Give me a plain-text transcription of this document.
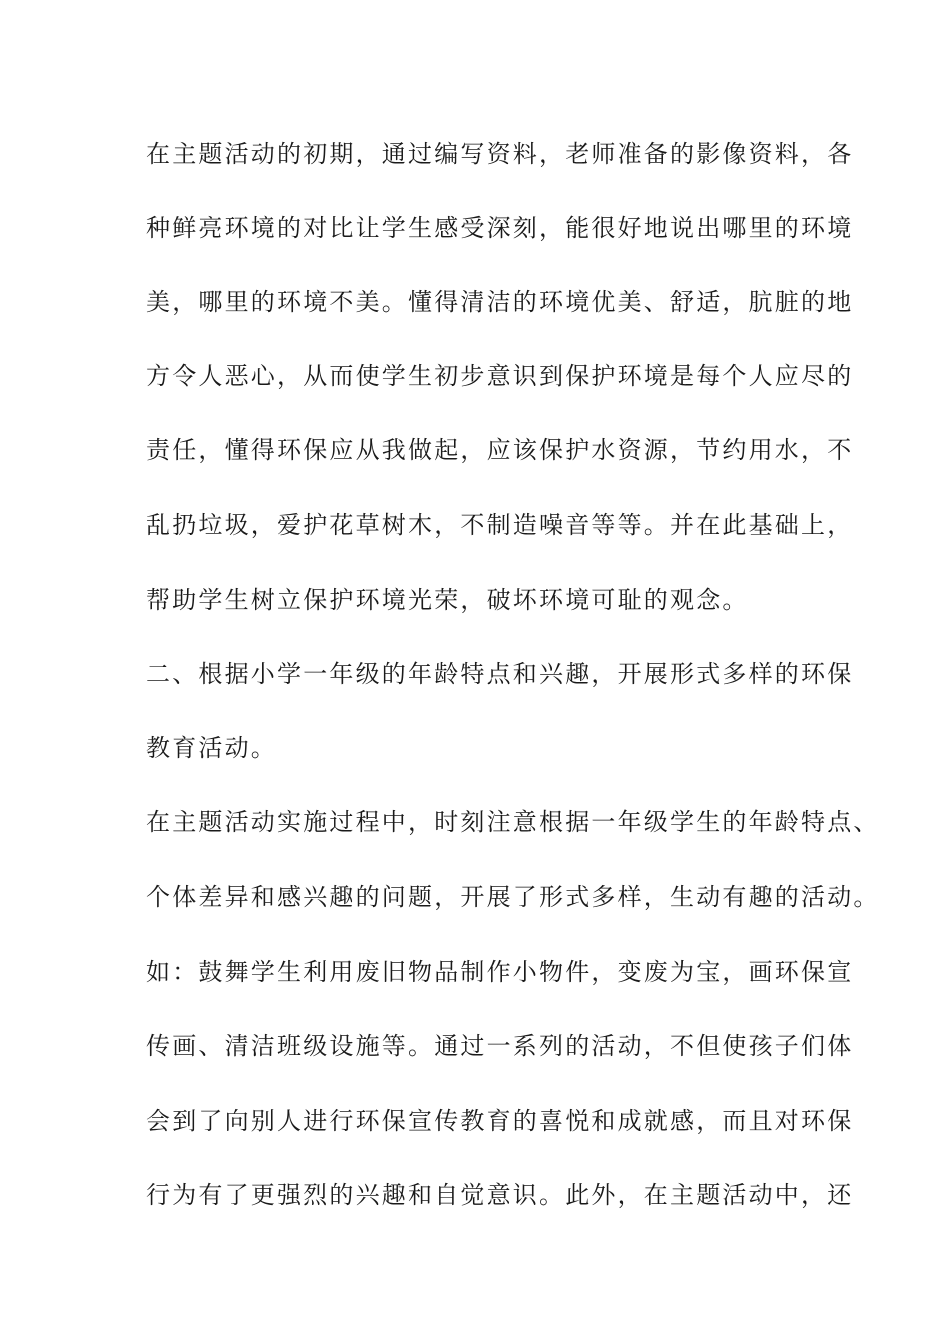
在主题活动的初期，通过编写资料，老师准备的影像资料，各
种鲜亮环境的对比让学生感受深刻，能很好地说出哪里的环境
美，哪里的环境不美。懂得清洁的环境优美、舒适，肮脏的地
方令人恶心，从而使学生初步意识到保护环境是每个人应尽的
责任，懂得环保应从我做起，应该保护水资源，节约用水，不
乱扔垃圾，爱护花草树木，不制造噪音等等。并在此基础上，
帮助学生树立保护环境光荣，破坏环境可耻的观念。
二、根据小学一年级的年龄特点和兴趣，开展形式多样的环保
教育活动。
在主题活动实施过程中，时刻注意根据一年级学生的年龄特点、
个体差异和感兴趣的问题，开展了形式多样，生动有趣的活动。
如：鼓舞学生利用废旧物品制作小物件，变废为宝，画环保宣
传画、清洁班级设施等。通过一系列的活动，不但使孩子们体
会到了向别人进行环保宣传教育的喜悦和成就感，而且对环保
行为有了更强烈的兴趣和自觉意识。此外，在主题活动中，还
